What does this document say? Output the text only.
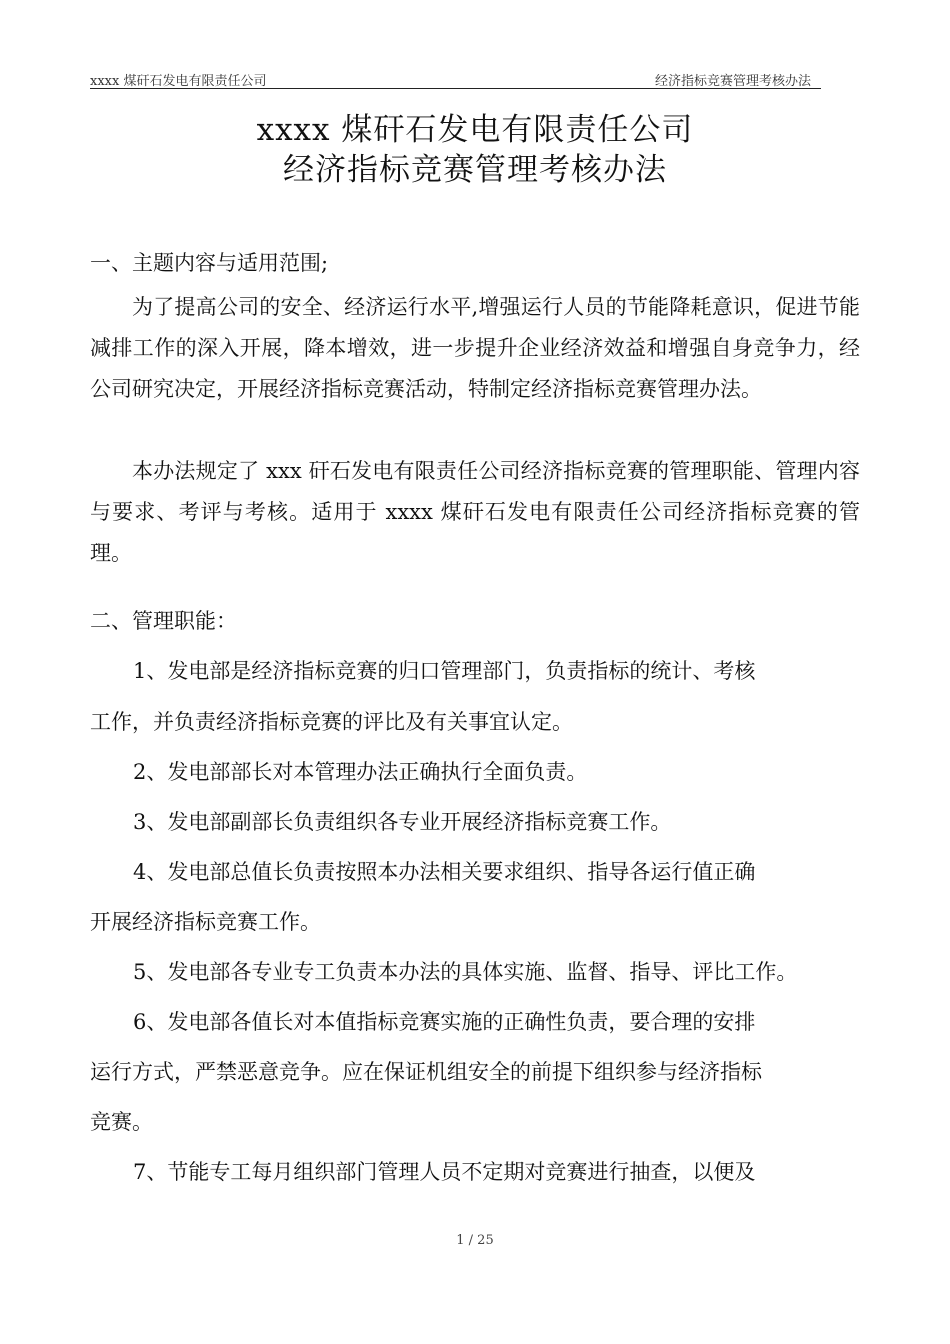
xxxx 煤矸石发电有限责任公司	经济指标竞赛管理考核办法
xxxx 煤矸石发电有限责任公司
经济指标竞赛管理考核办法
一、主题内容与适用范围;

为了提高公司的安全、经济运行水平,增强运行人员的节能降耗意识，促进节能减排工作的深入开展，降本增效，进一步提升企业经济效益和增强自身竞争力，经公司研究决定，开展经济指标竞赛活动，特制定经济指标竞赛管理办法。

本办法规定了 xxx 矸石发电有限责任公司经济指标竞赛的管理职能、管理内容与要求、考评与考核。适用于 xxxx 煤矸石发电有限责任公司经济指标竞赛的管理。

二、管理职能：
1、发电部是经济指标竞赛的归口管理部门，负责指标的统计、考核
工作，并负责经济指标竞赛的评比及有关事宜认定。
2、发电部部长对本管理办法正确执行全面负责。
3、发电部副部长负责组织各专业开展经济指标竞赛工作。
4、发电部总值长负责按照本办法相关要求组织、指导各运行值正确
开展经济指标竞赛工作。
5、发电部各专业专工负责本办法的具体实施、监督、指导、评比工作。
6、发电部各值长对本值指标竞赛实施的正确性负责，要合理的安排
运行方式，严禁恶意竞争。应在保证机组安全的前提下组织参与经济指标
竞赛。
7、节能专工每月组织部门管理人员不定期对竞赛进行抽查，以便及
1 / 25
